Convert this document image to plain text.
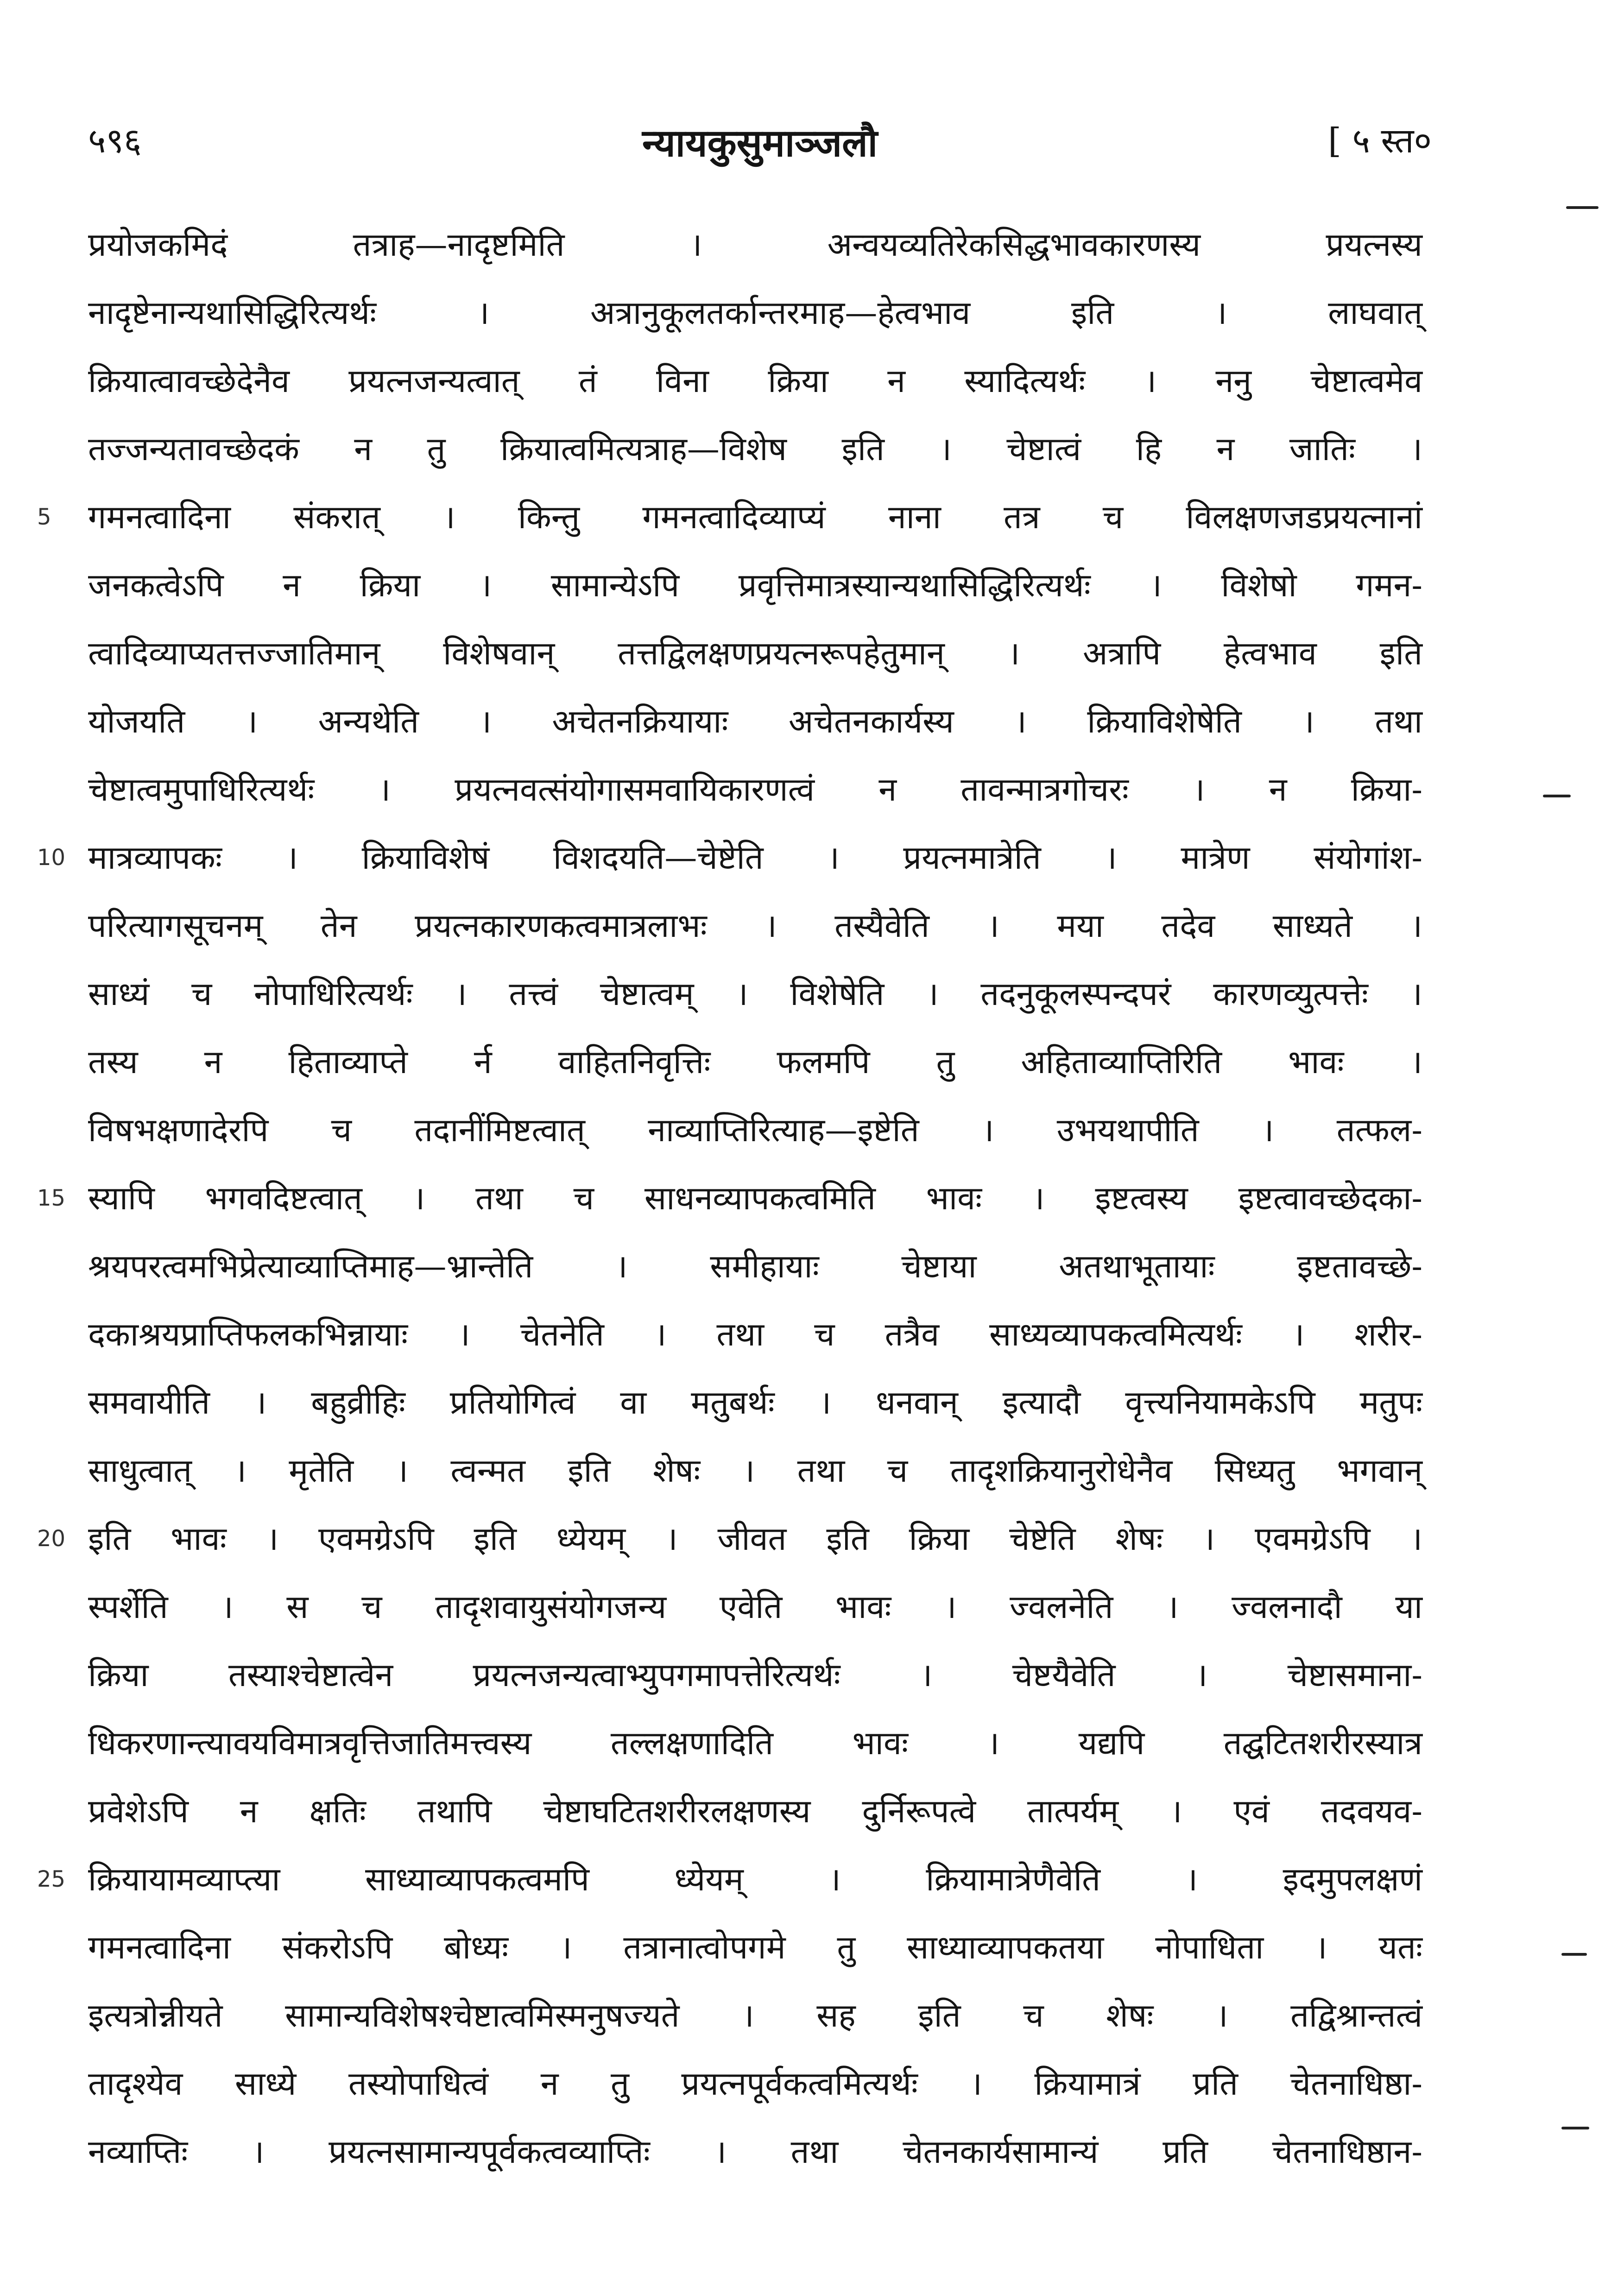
५९६	न्यायकुसुमाञ्जलौ	[ ५ स्त०
प्रयोजकमिदं तत्राह—नादृष्टमिति । अन्वयव्यतिरेकसिद्धभावकारणस्य प्रयत्नस्य
नादृष्टेनान्यथासिद्धिरित्यर्थः । अत्रानुकूलतर्कान्तरमाह—हेत्वभाव इति । लाघवात्
क्रियात्वावच्छेदेनैव प्रयत्नजन्यत्वात् तं विना क्रिया न स्यादित्यर्थः । ननु चेष्टात्वमेव
तज्जन्यतावच्छेदकं न तु क्रियात्वमित्यत्राह—विशेष इति । चेष्टात्वं हि न जातिः ।
5	गमनत्वादिना संकरात् । किन्तु गमनत्वादिव्याप्यं नाना तत्र च विलक्षणजडप्रयत्नानां
जनकत्वेऽपि न क्रिया । सामान्येऽपि प्रवृत्तिमात्रस्यान्यथासिद्धिरित्यर्थः । विशेषो गमन-
त्वादिव्याप्यतत्तज्जातिमान् विशेषवान् तत्तद्विलक्षणप्रयत्नरूपहेतुमान् । अत्रापि हेत्वभाव इति
योजयति । अन्यथेति । अचेतनक्रियायाः अचेतनकार्यस्य । क्रियाविशेषेति । तथा
चेष्टात्वमुपाधिरित्यर्थः । प्रयत्नवत्संयोगासमवायिकारणत्वं न तावन्मात्रगोचरः । न क्रिया-
10 मात्रव्यापकः । क्रियाविशेषं विशदयति—चेष्टेति । प्रयत्नमात्रेति । मात्रेण संयोगांश-
परित्यागसूचनम् तेन प्रयत्नकारणकत्वमात्रलाभः । तस्यैवेति । मया तदेव साध्यते ।
साध्यं च नोपाधिरित्यर्थः । तत्त्वं चेष्टात्वम् । विशेषेति । तदनुकूलस्पन्दपरं कारणव्युत्पत्तेः ।
तस्य न हिताव्याप्ते र्न वाहितनिवृत्तिः फलमपि तु अहिताव्याप्तिरिति भावः ।
विषभक्षणादेरपि च तदानींमिष्टत्वात् नाव्याप्तिरित्याह—इष्टेति । उभयथापीति । तत्फल-
15 स्यापि भगवदिष्टत्वात् । तथा च साधनव्यापकत्वमिति भावः । इष्टत्वस्य इष्टत्वावच्छेदका-
श्रयपरत्वमभिप्रेत्याव्याप्तिमाह—भ्रान्तेति । समीहायाः चेष्टाया अतथाभूतायाः इष्टतावच्छे-
दकाश्रयप्राप्तिफलकभिन्नायाः । चेतनेति । तथा च तत्रैव साध्यव्यापकत्वमित्यर्थः । शरीर-
समवायीति । बहुव्रीहिः प्रतियोगित्वं वा मतुबर्थः । धनवान् इत्यादौ वृत्त्यनियामकेऽपि मतुपः
साधुत्वात् । मृतेति । त्वन्मत इति शेषः । तथा च तादृशक्रियानुरोधेनैव सिध्यतु भगवान्
20 इति भावः । एवमग्रेऽपि इति ध्येयम् । जीवत इति क्रिया चेष्टेति शेषः । एवमग्रेऽपि ।
स्पर्शेति । स च तादृशवायुसंयोगजन्य एवेति भावः । ज्वलनेति । ज्वलनादौ या
क्रिया तस्याश्चेष्टात्वेन प्रयत्नजन्यत्वाभ्युपगमापत्तेरित्यर्थः । चेष्टयैवेति । चेष्टासमाना-
धिकरणान्त्यावयविमात्रवृत्तिजातिमत्त्वस्य तल्लक्षणादिति भावः । यद्यपि तद्घटितशरीरस्यात्र
प्रवेशेऽपि न क्षतिः तथापि चेष्टाघटितशरीरलक्षणस्य दुर्निरूपत्वे तात्पर्यम् । एवं तदवयव-
25 क्रियायामव्याप्त्या साध्याव्यापकत्वमपि ध्येयम् । क्रियामात्रेणैवेति । इदमुपलक्षणं
गमनत्वादिना संकरोऽपि बोध्यः । तत्रानात्वोपगमे तु साध्याव्यापकतया नोपाधिता । यतः
इत्यत्रोन्नीयते सामान्यविशेषश्चेष्टात्वमिस्मनुषज्यते । सह इति च शेषः । तद्विश्रान्तत्वं
तादृश्येव साध्ये तस्योपाधित्वं न तु प्रयत्नपूर्वकत्वमित्यर्थः । क्रियामात्रं प्रति चेतनाधिष्ठा-
नव्याप्तिः । प्रयत्नसामान्यपूर्वकत्वव्याप्तिः । तथा चेतनकार्यसामान्यं प्रति चेतनाधिष्ठान-
